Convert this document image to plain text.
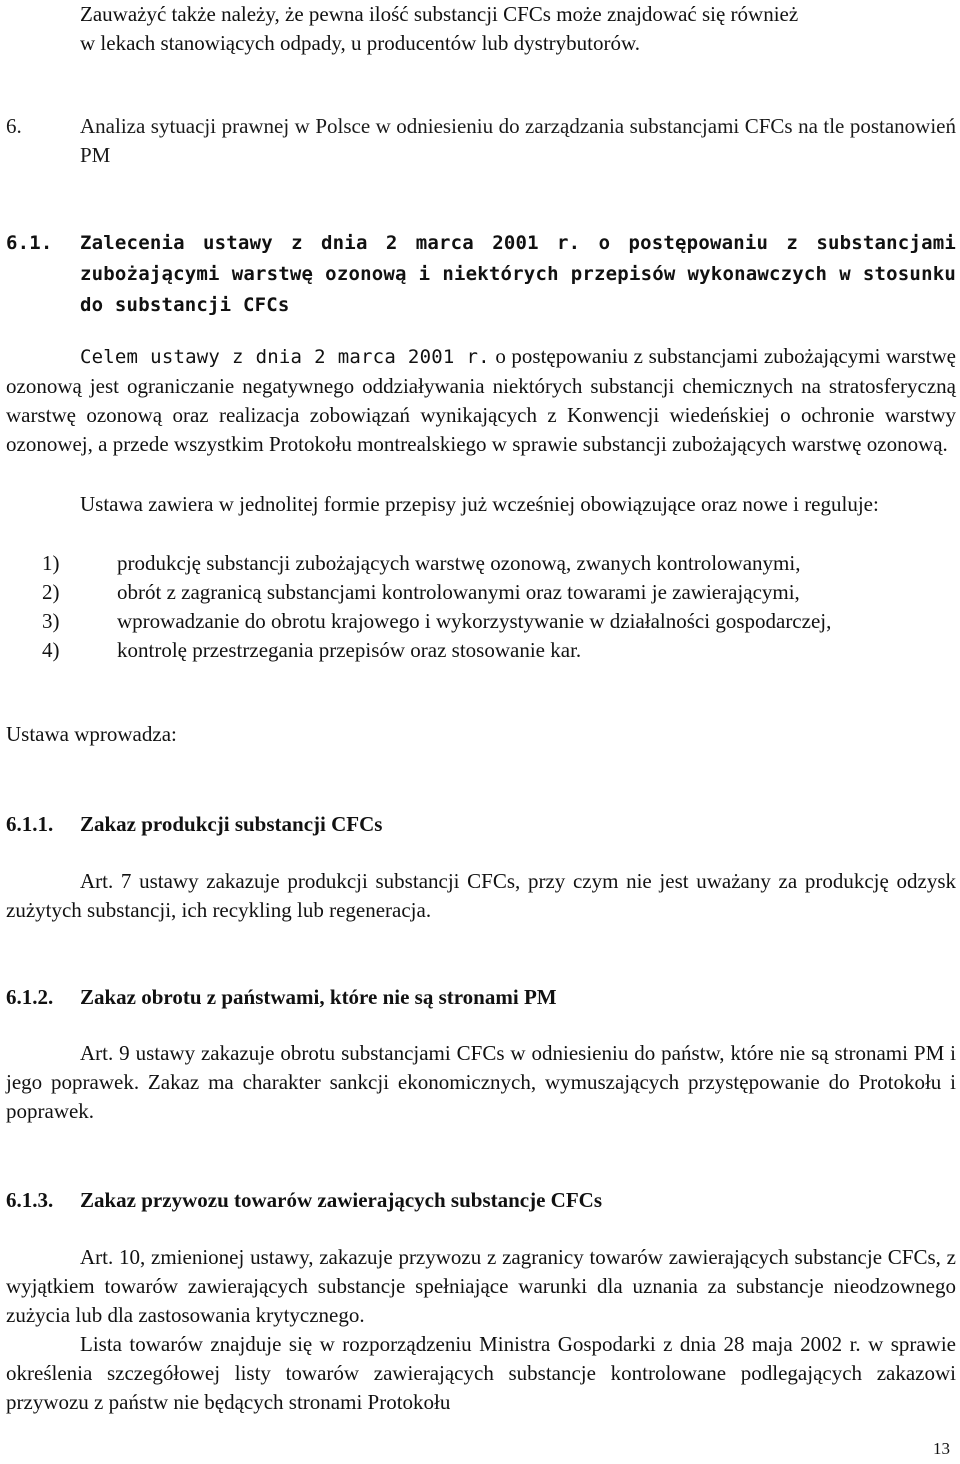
Zauważyć także należy, że pewna ilość substancji CFCs może znajdować się również
w lekach stanowiących odpady, u producentów lub dystrybutorów.
6.	Analiza sytuacji prawnej w Polsce w odniesieniu do zarządzania substancjami CFCs na tle postanowień PM
6.1. Zalecenia ustawy z dnia 2 marca 2001 r. o postępowaniu z substancjami zubożającymi warstwę ozonową i niektórych przepisów wykonawczych w stosunku do substancji CFCs
Celem ustawy z dnia 2 marca 2001 r. o postępowaniu z substancjami zubożającymi warstwę ozonową jest ograniczanie negatywnego oddziaływania niektórych substancji chemicznych na stratosferyczną warstwę ozonową oraz realizacja zobowiązań wynikających z Konwencji wiedeńskiej o ochronie warstwy ozonowej, a przede wszystkim Protokołu montrealskiego w sprawie substancji zubożających warstwę ozonową.
Ustawa zawiera w jednolitej formie przepisy już wcześniej obowiązujące oraz nowe i reguluje:
1)	produkcję substancji zubożających warstwę ozonową, zwanych kontrolowanymi,
2)	obrót z zagranicą substancjami kontrolowanymi oraz towarami je zawierającymi,
3)	wprowadzanie do obrotu krajowego i wykorzystywanie w działalności gospodarczej,
4)	kontrolę przestrzegania przepisów oraz stosowanie kar.
Ustawa wprowadza:
6.1.1. Zakaz produkcji substancji CFCs
Art. 7 ustawy zakazuje produkcji substancji CFCs, przy czym nie jest uważany za produkcję odzysk zużytych substancji, ich recykling lub regeneracja.
6.1.2. Zakaz obrotu z państwami, które nie są stronami PM
Art. 9 ustawy zakazuje obrotu substancjami CFCs w odniesieniu do państw, które nie są stronami PM i jego poprawek. Zakaz ma charakter sankcji ekonomicznych, wymuszających przystępowanie do Protokołu i poprawek.
6.1.3. Zakaz przywozu towarów zawierających substancje CFCs
Art. 10, zmienionej ustawy, zakazuje przywozu z zagranicy towarów zawierających substancje CFCs, z wyjątkiem towarów zawierających substancje spełniające warunki dla uznania za substancje nieodzownego zużycia lub dla zastosowania krytycznego.
Lista towarów znajduje się w rozporządzeniu Ministra Gospodarki z dnia 28 maja 2002 r. w sprawie określenia szczegółowej listy towarów zawierających substancje kontrolowane podlegających zakazowi przywozu z państw nie będących stronami Protokołu
13
